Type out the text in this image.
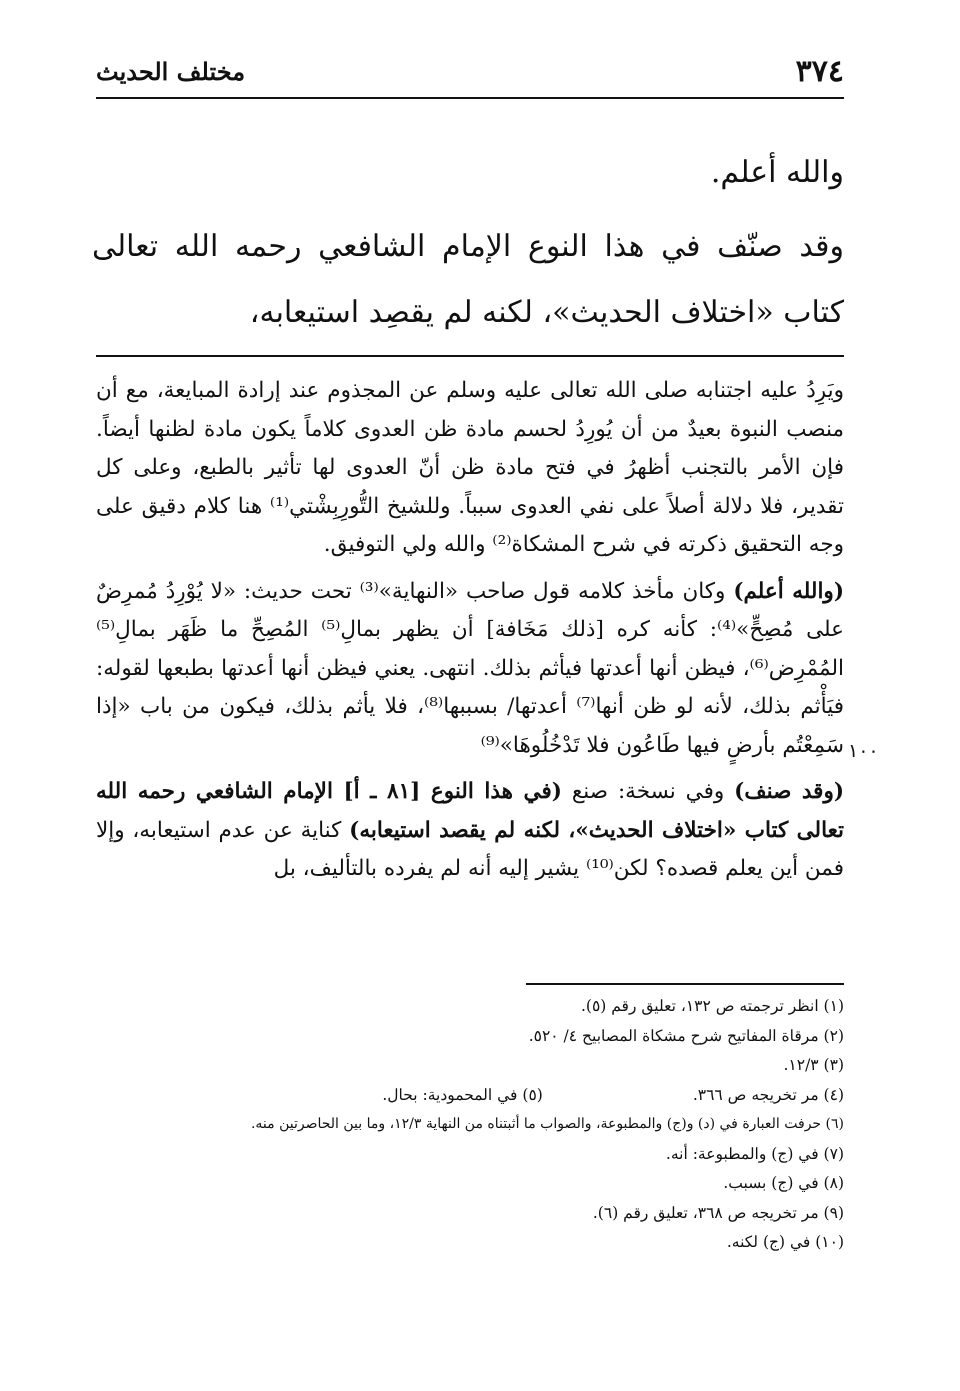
٣٧٤
مختلف الحديث

والله أعلم.

وقد صنّف في هذا النوع الإمام الشافعي رحمه الله تعالى كتاب «اختلاف الحديث»، لكنه لم يقصِد استيعابه،

ويَرِدُ عليه اجتنابه صلى الله تعالى عليه وسلم عن المجذوم عند إرادة المبايعة، مع أن منصب النبوة بعيدٌ من أن يُورِدُ لحسم مادة ظن العدوى كلاماً يكون مادة لظنها أيضاً. فإن الأمر بالتجنب أظهرُ في فتح مادة ظن أنّ العدوى لها تأثير بالطبع، وعلى كل تقدير، فلا دلالة أصلاً على نفي العدوى سبباً. وللشيخ التُّورِبِشْتي⁽¹⁾ هنا كلام دقيق على وجه التحقيق ذكرته في شرح المشكاة⁽²⁾ والله ولي التوفيق.

(والله أعلم) وكان مأخذ كلامه قول صاحب «النهاية»⁽³⁾ تحت حديث: «لا يُوْرِدُ مُمرِضٌ على مُصِحٍّ»⁽⁴⁾: كأنه كره [ذلك مَخَافة] أن يظهر بمالِ⁽⁵⁾ المُصِحِّ ما ظَهَر بمالِ⁽⁵⁾ المُمْرِض⁽⁶⁾، فيظن أنها أعدتها فيأثم بذلك. انتهى. يعني فيظن أنها أعدتها بطبعها لقوله: فيَأْثم بذلك، لأنه لو ظن أنها⁽⁷⁾ أعدتها/ بسببها⁽⁸⁾، فلا يأثم بذلك، فيكون من باب «إذا سَمِعْتُم بأرضٍ فيها طَاعُون فلا تَدْخُلُوهَا»⁽⁹⁾

(وقد صنف) وفي نسخة: صنع (في هذا النوع [٨١ ـ أ] الإمام الشافعي رحمه الله تعالى كتاب «اختلاف الحديث»، لكنه لم يقصد استيعابه) كناية عن عدم استيعابه، وإلا فمن أين يعلم قصده؟ لكن⁽¹⁰⁾ يشير إليه أنه لم يفرده بالتأليف، بل

١٠٠
(١) انظر ترجمته ص ١٣٢، تعليق رقم (٥).
(٢) مرقاة المفاتيح شرح مشكاة المصابيح ٤/ ٥٢٠.
(٣) ١٢/٣.
(٤) مر تخريجه ص ٣٦٦.(٥) في المحمودية: بحال.
(٦) حرفت العبارة في (د) و(ج) والمطبوعة، والصواب ما أثبتناه من النهاية ١٢/٣، وما بين الحاصرتين منه.
(٧) في (ج) والمطبوعة: أنه.
(٨) في (ج) بسبب.
(٩) مر تخريجه ص ٣٦٨، تعليق رقم (٦).
(١٠) في (ج) لكنه.
